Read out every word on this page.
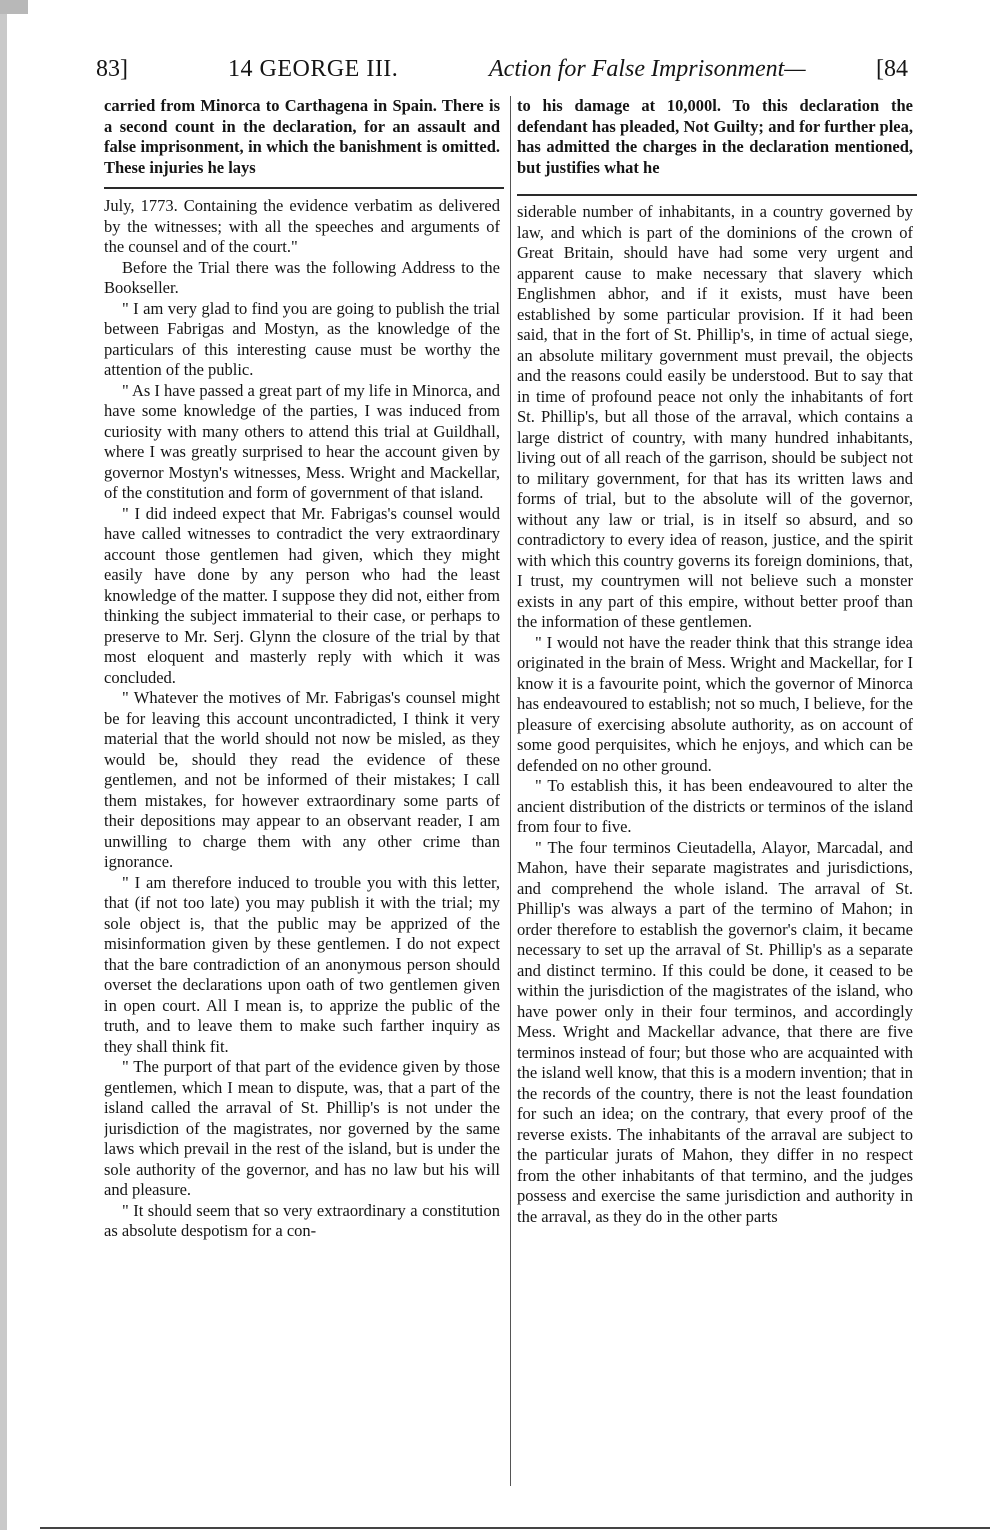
83]	14 GEORGE III.	Action for False Imprisonment—	[84

carried from Minorca to Carthagena in Spain. There is a second count in the declaration, for an assault and false imprisonment, in which the banishment is omitted. These injuries he lays

to his damage at 10,000l. To this declaration the defendant has pleaded, Not Guilty; and for further plea, has admitted the charges in the declaration mentioned, but justifies what he

July, 1773. Containing the evidence verbatim as delivered by the witnesses; with all the speeches and arguments of the counsel and of the court."

Before the Trial there was the following Address to the Bookseller.

" I am very glad to find you are going to publish the trial between Fabrigas and Mostyn, as the knowledge of the particulars of this interesting cause must be worthy the attention of the public.

" As I have passed a great part of my life in Minorca, and have some knowledge of the parties, I was induced from curiosity with many others to attend this trial at Guildhall, where I was greatly surprised to hear the account given by governor Mostyn's witnesses, Mess. Wright and Mackellar, of the constitution and form of government of that island.

" I did indeed expect that Mr. Fabrigas's counsel would have called witnesses to contradict the very extraordinary account those gentlemen had given, which they might easily have done by any person who had the least knowledge of the matter. I suppose they did not, either from thinking the subject immaterial to their case, or perhaps to preserve to Mr. Serj. Glynn the closure of the trial by that most eloquent and masterly reply with which it was concluded.

" Whatever the motives of Mr. Fabrigas's counsel might be for leaving this account uncontradicted, I think it very material that the world should not now be misled, as they would be, should they read the evidence of these gentlemen, and not be informed of their mistakes; I call them mistakes, for however extraordinary some parts of their depositions may appear to an observant reader, I am unwilling to charge them with any other crime than ignorance.

" I am therefore induced to trouble you with this letter, that (if not too late) you may publish it with the trial; my sole object is, that the public may be apprized of the misinformation given by these gentlemen. I do not expect that the bare contradiction of an anonymous person should overset the declarations upon oath of two gentlemen given in open court. All I mean is, to apprize the public of the truth, and to leave them to make such farther inquiry as they shall think fit.

" The purport of that part of the evidence given by those gentlemen, which I mean to dispute, was, that a part of the island called the arraval of St. Phillip's is not under the jurisdiction of the magistrates, nor governed by the same laws which prevail in the rest of the island, but is under the sole authority of the governor, and has no law but his will and pleasure.

" It should seem that so very extraordinary a constitution as absolute despotism for a con-

siderable number of inhabitants, in a country governed by law, and which is part of the dominions of the crown of Great Britain, should have had some very urgent and apparent cause to make necessary that slavery which Englishmen abhor, and if it exists, must have been established by some particular provision. If it had been said, that in the fort of St. Phillip's, in time of actual siege, an absolute military government must prevail, the objects and the reasons could easily be understood. But to say that in time of profound peace not only the inhabitants of fort St. Phillip's, but all those of the arraval, which contains a large district of country, with many hundred inhabitants, living out of all reach of the garrison, should be subject not to military government, for that has its written laws and forms of trial, but to the absolute will of the governor, without any law or trial, is in itself so absurd, and so contradictory to every idea of reason, justice, and the spirit with which this country governs its foreign dominions, that, I trust, my countrymen will not believe such a monster exists in any part of this empire, without better proof than the information of these gentlemen.

" I would not have the reader think that this strange idea originated in the brain of Mess. Wright and Mackellar, for I know it is a favourite point, which the governor of Minorca has endeavoured to establish; not so much, I believe, for the pleasure of exercising absolute authority, as on account of some good perquisites, which he enjoys, and which can be defended on no other ground.

" To establish this, it has been endeavoured to alter the ancient distribution of the districts or terminos of the island from four to five.

" The four terminos Cieutadella, Alayor, Marcadal, and Mahon, have their separate magistrates and jurisdictions, and comprehend the whole island. The arraval of St. Phillip's was always a part of the termino of Mahon; in order therefore to establish the governor's claim, it became necessary to set up the arraval of St. Phillip's as a separate and distinct termino. If this could be done, it ceased to be within the jurisdiction of the magistrates of the island, who have power only in their four terminos, and accordingly Mess. Wright and Mackellar advance, that there are five terminos instead of four; but those who are acquainted with the island well know, that this is a modern invention; that in the records of the country, there is not the least foundation for such an idea; on the contrary, that every proof of the reverse exists. The inhabitants of the arraval are subject to the particular jurats of Mahon, they differ in no respect from the other inhabitants of that termino, and the judges possess and exercise the same jurisdiction and authority in the arraval, as they do in the other parts
